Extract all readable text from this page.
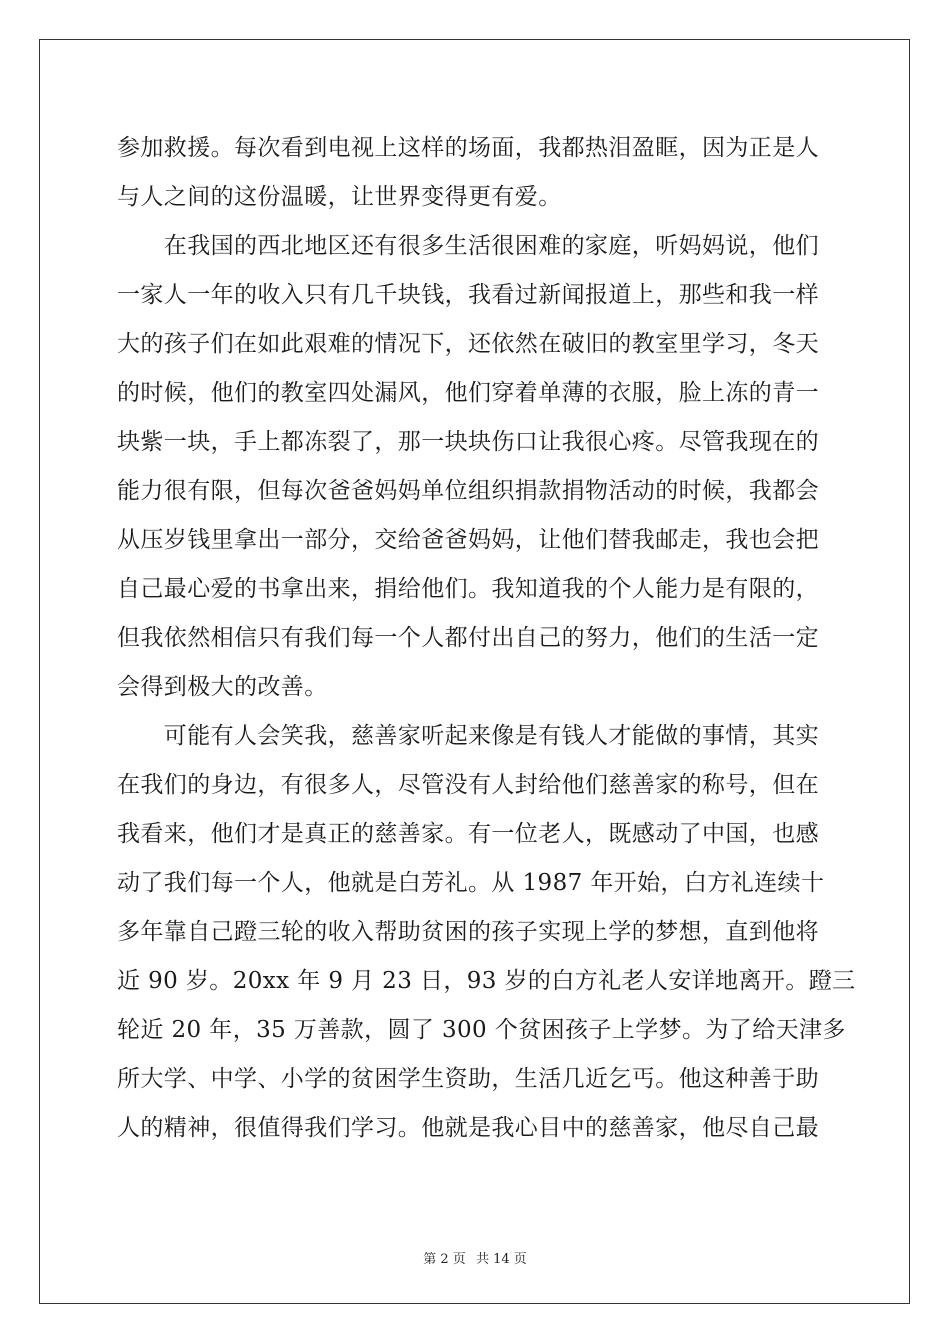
参加救援。每次看到电视上这样的场面，我都热泪盈眶，因为正是人
与人之间的这份温暖，让世界变得更有爱。
　　在我国的西北地区还有很多生活很困难的家庭，听妈妈说，他们
一家人一年的收入只有几千块钱，我看过新闻报道上，那些和我一样
大的孩子们在如此艰难的情况下，还依然在破旧的教室里学习，冬天
的时候，他们的教室四处漏风，他们穿着单薄的衣服，脸上冻的青一
块紫一块，手上都冻裂了，那一块块伤口让我很心疼。尽管我现在的
能力很有限，但每次爸爸妈妈单位组织捐款捐物活动的时候，我都会
从压岁钱里拿出一部分，交给爸爸妈妈，让他们替我邮走，我也会把
自己最心爱的书拿出来，捐给他们。我知道我的个人能力是有限的，
但我依然相信只有我们每一个人都付出自己的努力，他们的生活一定
会得到极大的改善。
　　可能有人会笑我，慈善家听起来像是有钱人才能做的事情，其实
在我们的身边，有很多人，尽管没有人封给他们慈善家的称号，但在
我看来，他们才是真正的慈善家。有一位老人，既感动了中国，也感
动了我们每一个人，他就是白芳礼。从 1987 年开始，白方礼连续十
多年靠自己蹬三轮的收入帮助贫困的孩子实现上学的梦想，直到他将
近 90 岁。20xx 年 9 月 23 日，93 岁的白方礼老人安详地离开。蹬三
轮近 20 年，35 万善款，圆了 300 个贫困孩子上学梦。为了给天津多
所大学、中学、小学的贫困学生资助，生活几近乞丐。他这种善于助
人的精神，很值得我们学习。他就是我心目中的慈善家，他尽自己最
第 2 页 共 14 页
